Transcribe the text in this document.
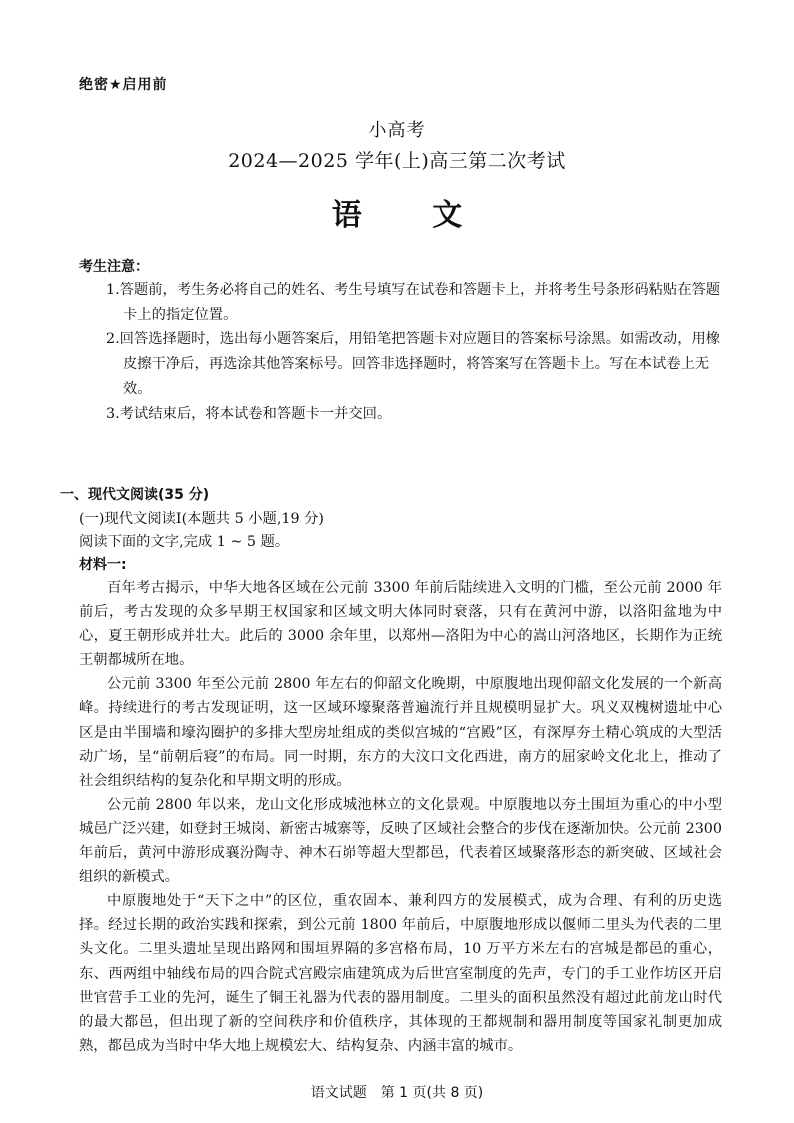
绝密★启用前
小高考
2024—2025 学年(上)高三第二次考试
语 文
考生注意：
1.答题前，考生务必将自己的姓名、考生号填写在试卷和答题卡上，并将考生号条形码粘贴在答题卡上的指定位置。
2.回答选择题时，选出每小题答案后，用铅笔把答题卡对应题目的答案标号涂黑。如需改动，用橡皮擦干净后，再选涂其他答案标号。回答非选择题时，将答案写在答题卡上。写在本试卷上无效。
3.考试结束后，将本试卷和答题卡一并交回。
一、现代文阅读(35 分)
(一)现代文阅读Ⅰ(本题共 5 小题,19 分)
阅读下面的文字,完成 1 ~ 5 题。
材料一:

百年考古揭示，中华大地各区域在公元前 3300 年前后陆续进入文明的门槛，至公元前 2000 年前后，考古发现的众多早期王权国家和区域文明大体同时衰落，只有在黄河中游，以洛阳盆地为中心，夏王朝形成并壮大。此后的 3000 余年里，以郑州—洛阳为中心的嵩山河洛地区，长期作为正统王朝都城所在地。

公元前 3300 年至公元前 2800 年左右的仰韶文化晚期，中原腹地出现仰韶文化发展的一个新高峰。持续进行的考古发现证明，这一区域环壕聚落普遍流行并且规模明显扩大。巩义双槐树遗址中心区是由半围墙和壕沟圈护的多排大型房址组成的类似宫城的“宫殿”区，有深厚夯土精心筑成的大型活动广场，呈“前朝后寝”的布局。同一时期，东方的大汶口文化西进，南方的屈家岭文化北上，推动了社会组织结构的复杂化和早期文明的形成。

公元前 2800 年以来，龙山文化形成城池林立的文化景观。中原腹地以夯土围垣为重心的中小型城邑广泛兴建，如登封王城岗、新密古城寨等，反映了区域社会整合的步伐在逐渐加快。公元前 2300 年前后，黄河中游形成襄汾陶寺、神木石峁等超大型都邑，代表着区域聚落形态的新突破、区域社会组织的新模式。

中原腹地处于“天下之中”的区位，重农固本、兼利四方的发展模式，成为合理、有利的历史选择。经过长期的政治实践和探索，到公元前 1800 年前后，中原腹地形成以偃师二里头为代表的二里头文化。二里头遗址呈现出路网和围垣界隔的多宫格布局，10 万平方米左右的宫城是都邑的重心，东、西两组中轴线布局的四合院式宫殿宗庙建筑成为后世宫室制度的先声，专门的手工业作坊区开启世官营手工业的先河，诞生了铜王礼器为代表的器用制度。二里头的面积虽然没有超过此前龙山时代的最大都邑，但出现了新的空间秩序和价值秩序，其体现的王都规制和器用制度等国家礼制更加成熟，都邑成为当时中华大地上规模宏大、结构复杂、内涵丰富的城市。

语文试题　第 1 页(共 8 页)
